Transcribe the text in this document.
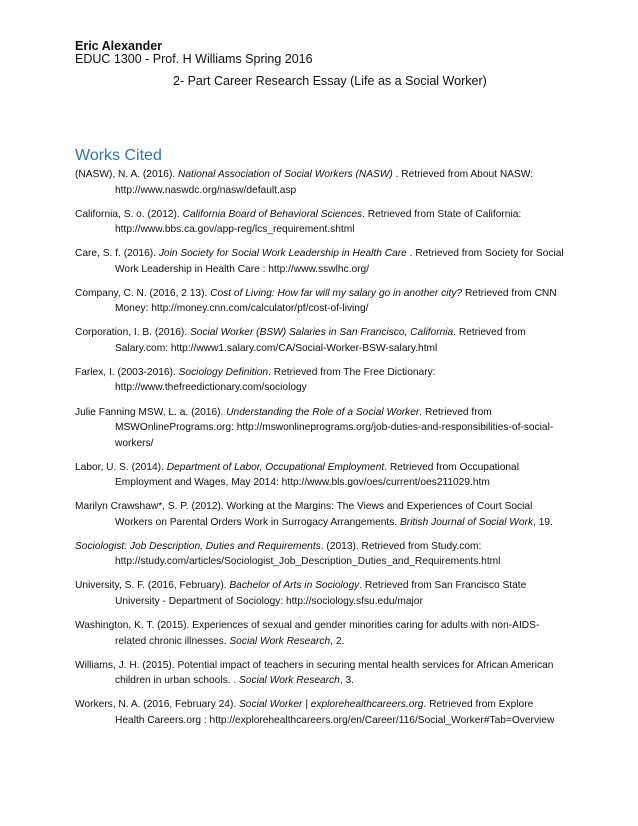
Eric Alexander
EDUC 1300 - Prof. H Williams Spring 2016
2- Part Career Research Essay (Life as a Social Worker)
Works Cited

(NASW), N. A. (2016). National Association of Social Workers (NASW) . Retrieved from About NASW: http://www.naswdc.org/nasw/default.asp

California, S. o. (2012). California Board of Behavioral Sciences. Retrieved from State of California: http://www.bbs.ca.gov/app-reg/lcs_requirement.shtml

Care, S. f. (2016). Join Society for Social Work Leadership in Health Care . Retrieved from Society for Social Work Leadership in Health Care : http://www.sswlhc.org/

Company, C. N. (2016, 2 13). Cost of Living: How far will my salary go in another city? Retrieved from CNN Money: http://money.cnn.com/calculator/pf/cost-of-living/

Corporation, I. B. (2016). Social Worker (BSW) Salaries in San Francisco, California. Retrieved from Salary.com: http://www1.salary.com/CA/Social-Worker-BSW-salary.html

Farlex, I. (2003-2016). Sociology Definition. Retrieved from The Free Dictionary: http://www.thefreedictionary.com/sociology

Julie Fanning MSW, L. a. (2016). Understanding the Role of a Social Worker. Retrieved from MSWOnlinePrograms.org: http://mswonlineprograms.org/job-duties-and-responsibilities-of-social-workers/

Labor, U. S. (2014). Department of Labor, Occupational Employment. Retrieved from Occupational Employment and Wages, May 2014: http://www.bls.gov/oes/current/oes211029.htm

Marilyn Crawshaw*, S. P. (2012). Working at the Margins: The Views and Experiences of Court Social Workers on Parental Orders Work in Surrogacy Arrangements. British Journal of Social Work, 19.

Sociologist: Job Description, Duties and Requirements. (2013). Retrieved from Study.com: http://study.com/articles/Sociologist_Job_Description_Duties_and_Requirements.html

University, S. F. (2016, February). Bachelor of Arts in Sociology. Retrieved from San Francisco State University - Department of Sociology: http://sociology.sfsu.edu/major

Washington, K. T. (2015). Experiences of sexual and gender minorities caring for adults with non-AIDS-related chronic illnesses. Social Work Research, 2.

Williams, J. H. (2015). Potential impact of teachers in securing mental health services for African American children in urban schools. . Social Work Research, 3.

Workers, N. A. (2016, February 24). Social Worker | explorehealthcareers.org. Retrieved from Explore Health Careers.org : http://explorehealthcareers.org/en/Career/116/Social_Worker#Tab=Overview
